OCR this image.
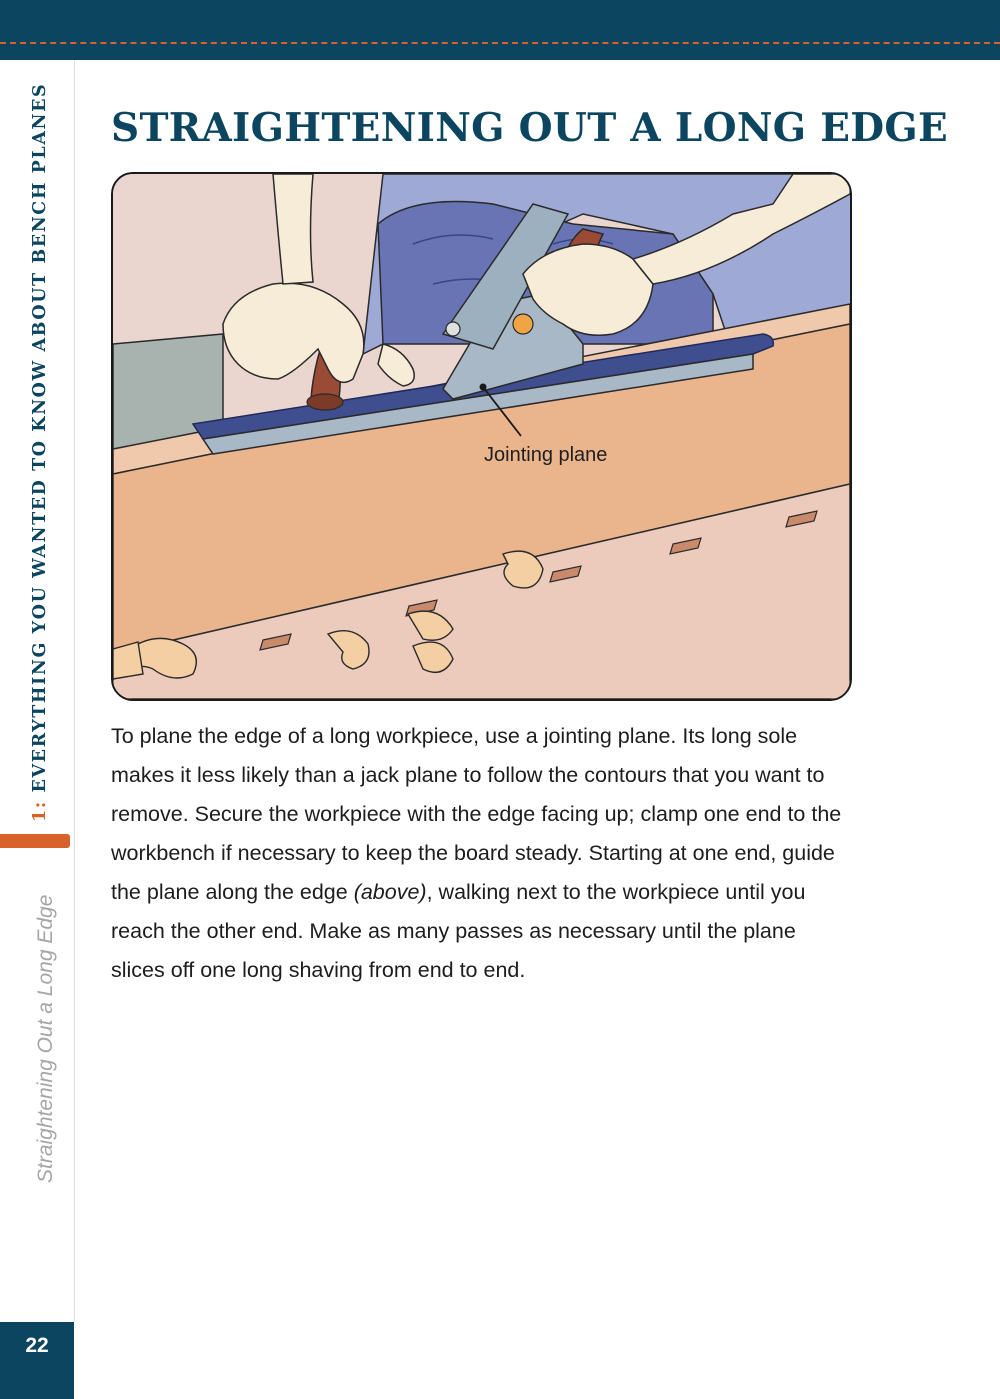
1: EVERYTHING YOU WANTED TO KNOW ABOUT BENCH PLANES
Straightening Out a Long Edge
22
STRAIGHTENING OUT A LONG EDGE
Jointing plane

To plane the edge of a long workpiece, use a jointing plane. Its long sole makes it less likely than a jack plane to follow the contours that you want to remove. Secure the workpiece with the edge facing up; clamp one end to the workbench if necessary to keep the board steady. Starting at one end, guide the plane along the edge (above), walking next to the workpiece until you reach the other end. Make as many passes as necessary until the plane slices off one long shaving from end to end.
